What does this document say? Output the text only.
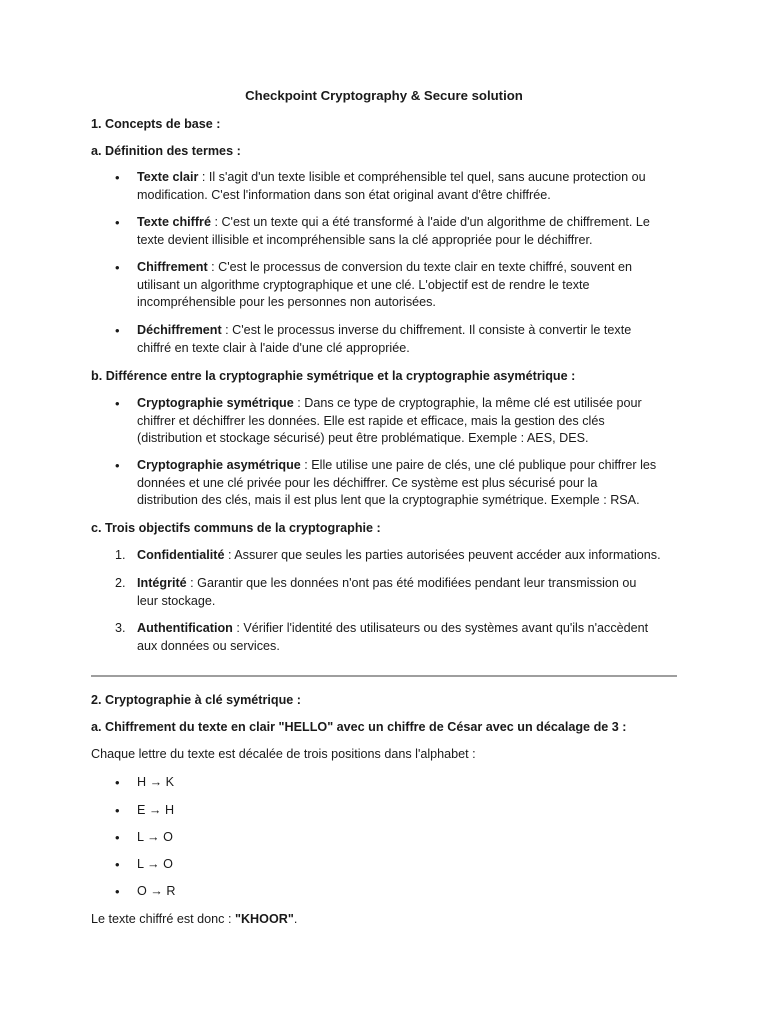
Checkpoint Cryptography & Secure solution
1. Concepts de base :
a. Définition des termes :
•	Texte clair : Il s'agit d'un texte lisible et compréhensible tel quel, sans aucune protection ou
modification. C'est l'information dans son état original avant d'être chiffrée.
•	Texte chiffré : C'est un texte qui a été transformé à l'aide d'un algorithme de chiffrement. Le
texte devient illisible et incompréhensible sans la clé appropriée pour le déchiffrer.
•	Chiffrement : C'est le processus de conversion du texte clair en texte chiffré, souvent en
utilisant un algorithme cryptographique et une clé. L'objectif est de rendre le texte
incompréhensible pour les personnes non autorisées.
•	Déchiffrement : C'est le processus inverse du chiffrement. Il consiste à convertir le texte
chiffré en texte clair à l'aide d'une clé appropriée.
b. Différence entre la cryptographie symétrique et la cryptographie asymétrique :
•	Cryptographie symétrique : Dans ce type de cryptographie, la même clé est utilisée pour
chiffrer et déchiffrer les données. Elle est rapide et efficace, mais la gestion des clés
(distribution et stockage sécurisé) peut être problématique. Exemple : AES, DES.
•	Cryptographie asymétrique : Elle utilise une paire de clés, une clé publique pour chiffrer les
données et une clé privée pour les déchiffrer. Ce système est plus sécurisé pour la
distribution des clés, mais il est plus lent que la cryptographie symétrique. Exemple : RSA.
c. Trois objectifs communs de la cryptographie :
1. Confidentialité : Assurer que seules les parties autorisées peuvent accéder aux informations.
2. Intégrité : Garantir que les données n'ont pas été modifiées pendant leur transmission ou
leur stockage.
3. Authentification : Vérifier l'identité des utilisateurs ou des systèmes avant qu'ils n'accèdent
aux données ou services.
2. Cryptographie à clé symétrique :
a. Chiffrement du texte en clair "HELLO" avec un chiffre de César avec un décalage de 3 :
Chaque lettre du texte est décalée de trois positions dans l'alphabet :
•	H → K
•	E → H
•	L → O
•	L → O
•	O → R
Le texte chiffré est donc : "KHOOR".
